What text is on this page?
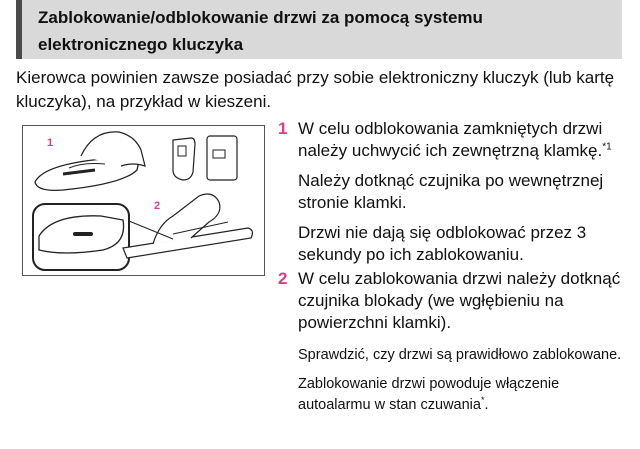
Zablokowanie/odblokowanie drzwi za pomocą systemu
elektronicznego kluczyka
Kierowca powinien zawsze posiadać przy sobie elektroniczny kluczyk (lub kartę kluczyka), na przykład w kieszeni.
1
2
1 W celu odblokowania zamkniętych drzwi należy uchwycić ich zewnętrzną klamkę.$^{*1}$
Należy dotknąć czujnika po wewnętrznej stronie klamki.
Drzwi nie dają się odblokować przez 3 sekundy po ich zablokowaniu.
2 W celu zablokowania drzwi należy dotknąć czujnika blokady (we wgłębieniu na powierzchni klamki).
Sprawdzić, czy drzwi są prawidłowo zablokowane.
Zablokowanie drzwi powoduje włączenie autoalarmu w stan czuwania*.
